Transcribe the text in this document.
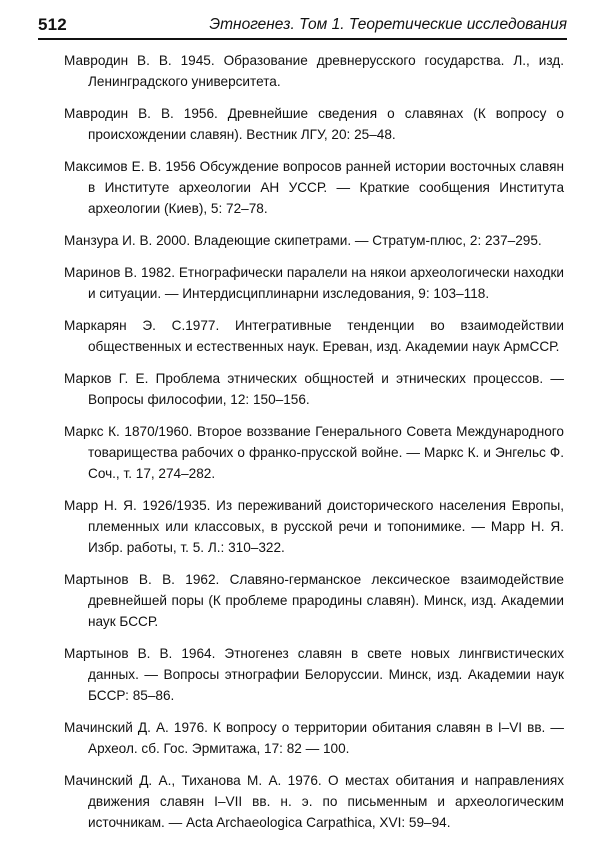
512	Этногенез. Том 1. Теоретические исследования

Мавродин В. В. 1945. Образование древнерусского государства. Л., изд. Ленинградского университета.

Мавродин В. В. 1956. Древнейшие сведения о славянах (К вопросу о происхождении славян). Вестник ЛГУ, 20: 25–48.

Максимов Е. В. 1956 Обсуждение вопросов ранней истории восточных славян в Институте археологии АН УССР. — Краткие сообщения Института археологии (Киев), 5: 72–78.

Манзура И. В. 2000. Владеющие скипетрами. — Стратум-плюс, 2: 237–295.

Маринов В. 1982. Етнографически паралели на някои археологически находки и ситуации. — Интердисциплинарни изследования, 9: 103–118.

Маркарян Э. С.1977. Интегративные тенденции во взаимодействии общественных и естественных наук. Ереван, изд. Академии наук АрмССР.

Марков Г. Е. Проблема этнических общностей и этнических процессов. — Вопросы философии, 12: 150–156.

Маркс К. 1870/1960. Второе воззвание Генерального Совета Международного товарищества рабочих о франко-прусской войне. — Маркс К. и Энгельс Ф. Соч., т. 17, 274–282.

Марр Н. Я. 1926/1935. Из переживаний доисторического населения Европы, племенных или классовых, в русской речи и топонимике. — Марр Н. Я. Избр. работы, т. 5. Л.: 310–322.

Мартынов В. В. 1962. Славяно-германское лексическое взаимодействие древнейшей поры (К проблеме прародины славян). Минск, изд. Академии наук БССР.

Мартынов В. В. 1964. Этногенез славян в свете новых лингвистических данных. — Вопросы этнографии Белоруссии. Минск, изд. Академии наук БССР: 85–86.

Мачинский Д. А. 1976. К вопросу о территории обитания славян в I–VI вв. — Археол. сб. Гос. Эрмитажа, 17: 82 — 100.

Мачинский Д. А., Тиханова М. А. 1976. О местах обитания и направлениях движения славян I–VII вв. н. э. по письменным и археологическим источникам. — Acta Archaeologica Carpathica, XVI: 59–94.
